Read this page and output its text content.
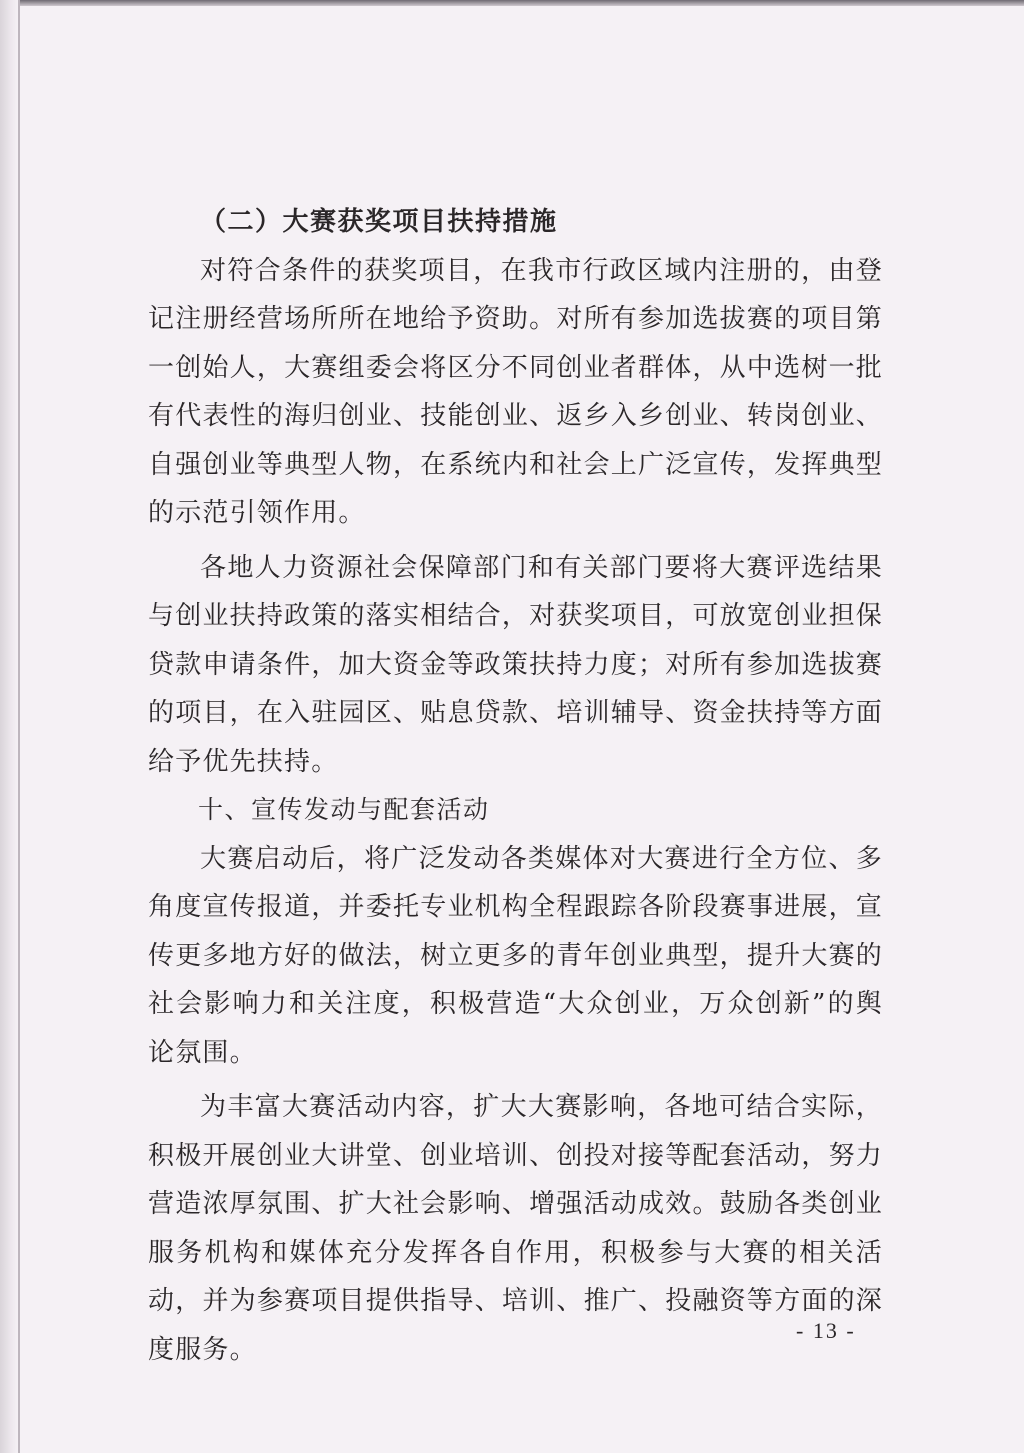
（二）大赛获奖项目扶持措施

对符合条件的获奖项目，在我市行政区域内注册的，由登记注册经营场所所在地给予资助。对所有参加选拔赛的项目第一创始人，大赛组委会将区分不同创业者群体，从中选树一批有代表性的海归创业、技能创业、返乡入乡创业、转岗创业、自强创业等典型人物，在系统内和社会上广泛宣传，发挥典型的示范引领作用。

各地人力资源社会保障部门和有关部门要将大赛评选结果与创业扶持政策的落实相结合，对获奖项目，可放宽创业担保贷款申请条件，加大资金等政策扶持力度；对所有参加选拔赛的项目，在入驻园区、贴息贷款、培训辅导、资金扶持等方面给予优先扶持。

十、宣传发动与配套活动

大赛启动后，将广泛发动各类媒体对大赛进行全方位、多角度宣传报道，并委托专业机构全程跟踪各阶段赛事进展，宣传更多地方好的做法，树立更多的青年创业典型，提升大赛的社会影响力和关注度，积极营造“大众创业，万众创新”的舆论氛围。

为丰富大赛活动内容，扩大大赛影响，各地可结合实际，积极开展创业大讲堂、创业培训、创投对接等配套活动，努力营造浓厚氛围、扩大社会影响、增强活动成效。鼓励各类创业服务机构和媒体充分发挥各自作用，积极参与大赛的相关活动，并为参赛项目提供指导、培训、推广、投融资等方面的深度服务。

- 13 -
